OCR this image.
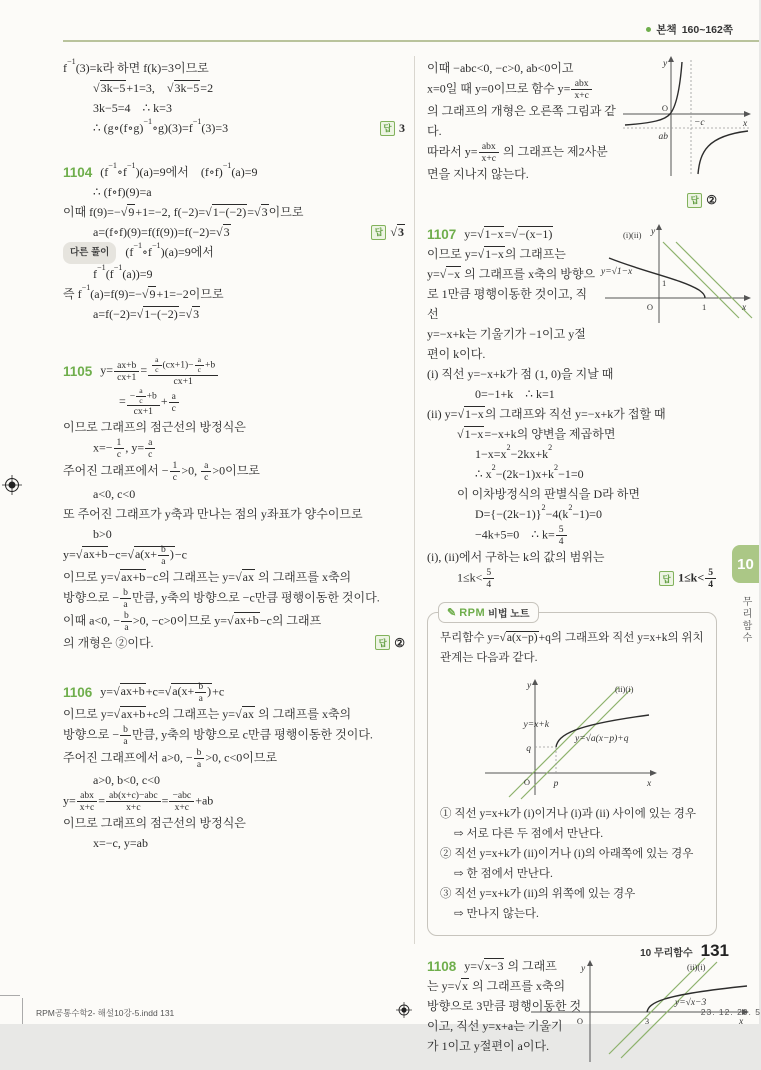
본책 160~162쪽
$f^{-1}(3)=k$라 하면 f(k)=3이므로
√3k−5+1=3, √3k−5=2
3k−5=4 ∴ k=3
∴ $(g\circ(f\circ g)^{-1}\circ g)(3)=f^{-1}(3)=3$	답 3
1104 $(f^{-1}\circ f^{-1})(a)=9$에서 (f∘f)$^{-1}$(a)=9
∴ (f∘f)(9)=a
이때 f(9)=−√9+1=−2, f(−2)=√1−(−2)=√3이므로
a=(f∘f)(9)=f(f(9))=f(−2)=√3	답 √3
다른 풀이 $(f^{-1}\circ f^{-1})(a)=9$에서
$f^{-1}(f^{-1}(a))=9$
즉 $f^{-1}(a)=f(9)=-√9+1=-2$이므로
a=f(−2)=√1−(−2)=√3
1105 $y= \frac{ax+b}{cx+1} = \frac{\frac{a}{c} (cx+1)- \frac{a}{c} +b}{cx+1}$
= $\frac{- \frac{a}{c} +b}{cx+1} + \frac{a}{c}$
이므로 그래프의 점근선의 방정식은
$x=- \frac{1}{c}$ , $y= \frac{a}{c}$
주어진 그래프에서 − $\frac{1}{c} >0$, $\frac{a}{c} >0$이므로
a<0, c<0
또 주어진 그래프가 y축과 만나는 점의 y좌표가 양수이므로
b>0
$y=√ax+b-c=√a(x+ \frac{b}{a} )-c$
이므로 y=√ax+b−c의 그래프는 y=√ax 의 그래프를 x축의
방향으로 − $\frac{b}{a}$ 만큼, y축의 방향으로 −c만큼 평행이동한 것이다.
이때 a<0, − $\frac{b}{a} >0$, −c>0이므로 y=√ax+b−c의 그래프
의 개형은 ②이다.	답 ②
1106 $y=√ax+b+c=√a(x+ \frac{b}{a} )+c$
이므로 y=√ax+b+c의 그래프는 y=√ax 의 그래프를 x축의
방향으로 − $\frac{b}{a}$ 만큼, y축의 방향으로 c만큼 평행이동한 것이다.
주어진 그래프에서 a>0, − $\frac{b}{a} >0$, c<0이므로
a>0, b<0, c<0
y= abx
x+c
= ab(x+c)−abc
x+c
= −abc
x+c
+ab
이므로 그래프의 점근선의 방정식은
x=−c, y=ab
이때 −abc<0, −c>0, ab<0이고
x=0일 때 y=0이므로 함수 y= abx
x+c
의 그래프의 개형은 오른쪽 그림과 같다.
따라서 y= abx
x+c
의 그래프는 제2사분
면을 지나지 않는다.
y
O
−c
ab
x
답 ②
1107 y=√1−x=√−(x−1)
이므로 y=√1−x의 그래프는
y=√−x 의 그래프를 x축의 방향으
로 1만큼 평행이동한 것이고, 직선
y=−x+k는 기울기가 −1이고 y절
편이 k이다.
(i)(ii) y
y=√1−x
1
O	1	x
(i) 직선 y=−x+k가 점 (1, 0)을 지날 때
0=−1+k ∴ k=1
(ii) y=√1−x의 그래프와 직선 y=−x+k가 접할 때
√1−x=−x+k의 양변을 제곱하면
$1-x=x^2-2kx+k^2$
∴ $x^2-(2k-1)x+k^2-1=0$
이 이차방정식의 판별식을 D라 하면
$D=\{-(2k-1)\}^2-4(k^2-1)=0$
−4k+5=0 ∴ $k= \frac{5}{4}$
(i), (ii)에서 구하는 k의 값의 범위는
$1\le k< \frac{5}{4}$	답 $1\le k< \frac{5}{4}$
✎ RPM 비법 노트
무리함수 y=√a(x−p)+q의 그래프와 직선 y=x+k의 위치
관계는 다음과 같다.
y	(ii)(i)
y=x+k
y=√a(x−p)+q
q
O p	x
① 직선 y=x+k가 (i)이거나 (i)과 (ii) 사이에 있는 경우
⇨ 서로 다른 두 점에서 만난다.
② 직선 y=x+k가 (ii)이거나 (i)의 아래쪽에 있는 경우
⇨ 한 점에서 만난다.
③ 직선 y=x+k가 (ii)의 위쪽에 있는 경우
⇨ 만나지 않는다.
1108 y=√x−3 의 그래프
는 y=√x 의 그래프를 x축의
방향으로 3만큼 평행이동한 것
이고, 직선 y=x+a는 기울기
가 1이고 y절편이 a이다.
y	(ii)(i)
y=√x−3
O	3	x
10
무리함수
10 무리함수 131
RPM공통수학2- 해설10강-5.indd 131	23. 12. 29. 5
